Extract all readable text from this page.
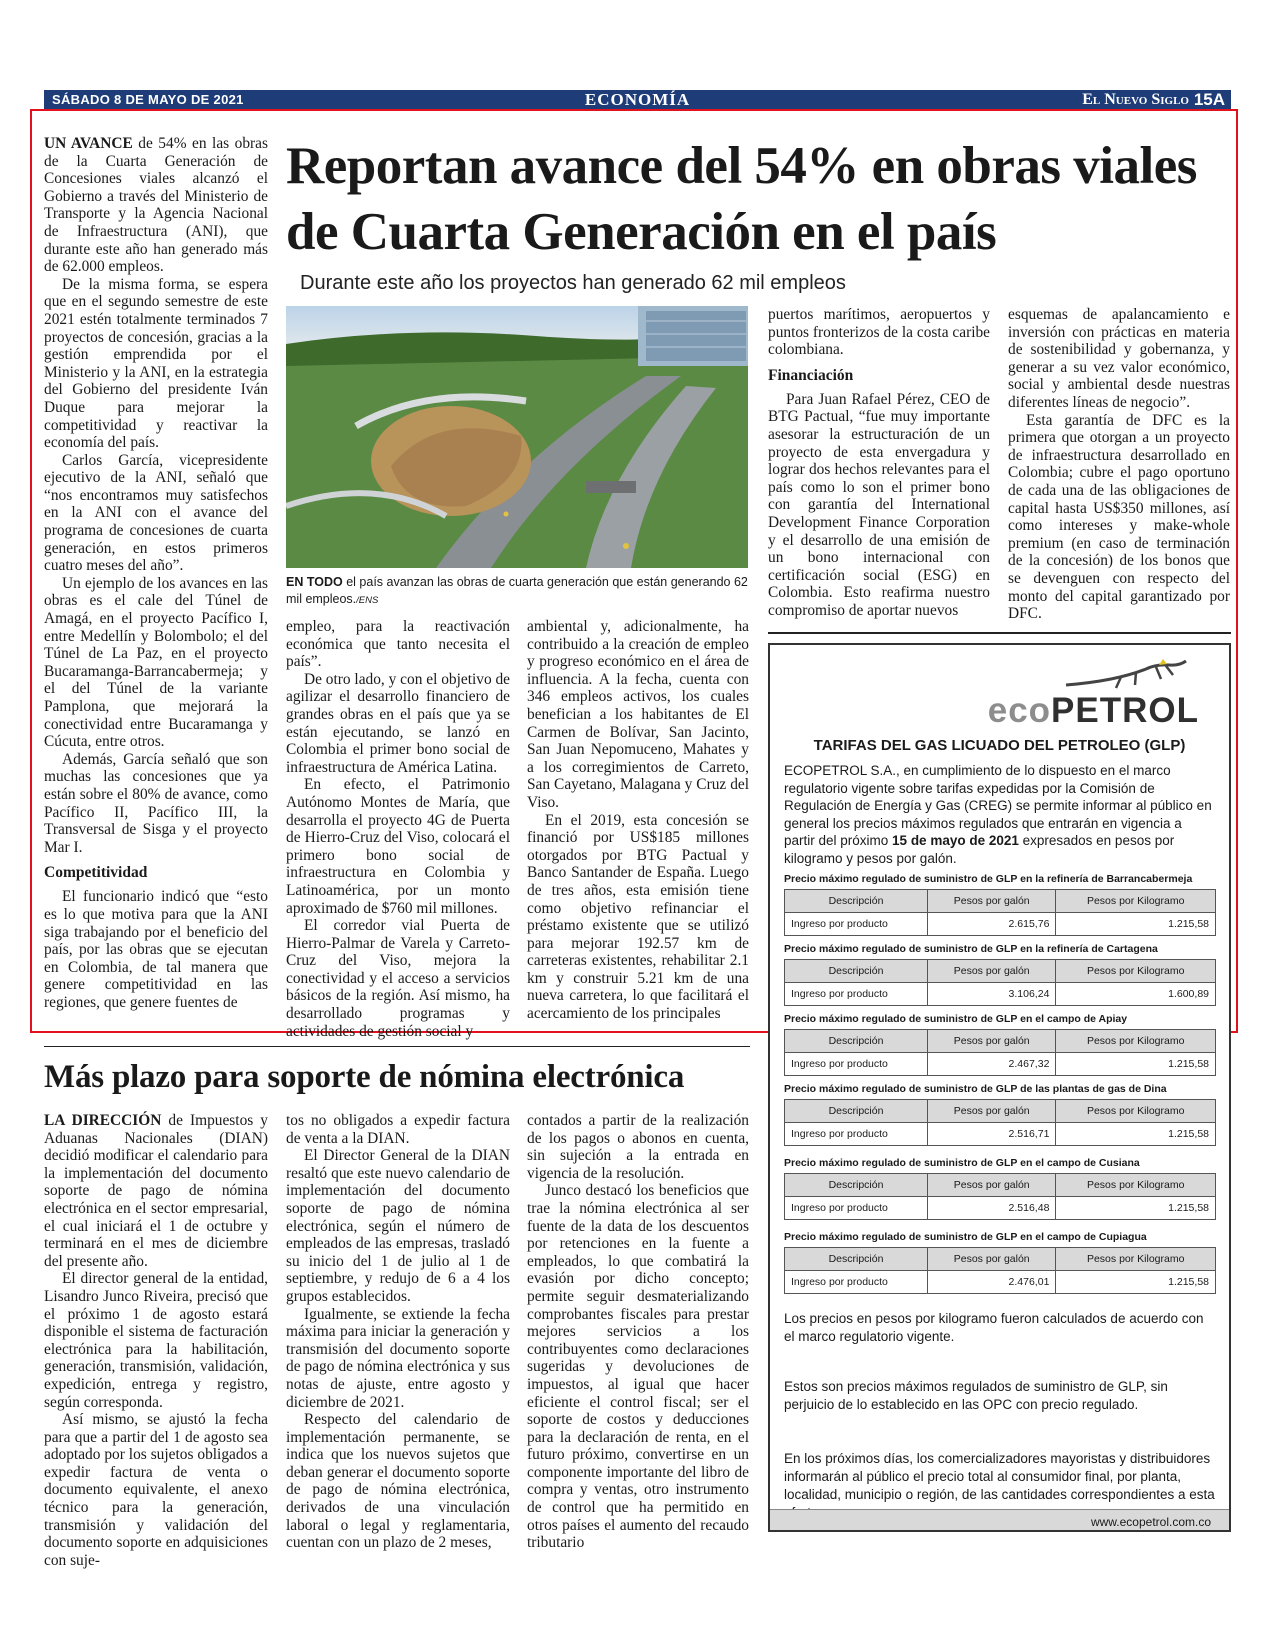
SÁBADO 8 DE MAYO DE 2021	ECONOMÍA	El Nuevo Siglo 15A

UN AVANCE de 54% en las obras de la Cuarta Generación de Concesiones viales alcanzó el Gobierno a través del Ministerio de Transporte y la Agencia Nacional de Infraestructura (ANI), que durante este año han generado más de 62.000 empleos.

De la misma forma, se espera que en el segundo semestre de este 2021 estén totalmente terminados 7 proyectos de concesión, gracias a la gestión emprendida por el Ministerio y la ANI, en la estrategia del Gobierno del presidente Iván Duque para mejorar la competitividad y reactivar la economía del país.

Carlos García, vicepresidente ejecutivo de la ANI, señaló que “nos encontramos muy satisfechos en la ANI con el avance del programa de concesiones de cuarta generación, en estos primeros cuatro meses del año”.

Un ejemplo de los avances en las obras es el cale del Túnel de Amagá, en el proyecto Pacífico I, entre Medellín y Bolombolo; el del Túnel de La Paz, en el proyecto Bucaramanga-Barrancabermeja; y el del Túnel de la variante Pamplona, que mejorará la conectividad entre Bucaramanga y Cúcuta, entre otros.

Además, García señaló que son muchas las concesiones que ya están sobre el 80% de avance, como Pacífico II, Pacífico III, la Transversal de Sisga y el proyecto Mar I.

Competitividad

El funcionario indicó que “esto es lo que motiva para que la ANI siga trabajando por el beneficio del país, por las obras que se ejecutan en Colombia, de tal manera que genere competitividad en las regiones, que genere fuentes de

Reportan avance del 54% en obras viales de Cuarta Generación en el país
Durante este año los proyectos han generado 62 mil empleos
EN TODO el país avanzan las obras de cuarta generación que están generando 62 mil empleos./ENS

empleo, para la reactivación económica que tanto necesita el país”.

De otro lado, y con el objetivo de agilizar el desarrollo financiero de grandes obras en el país que ya se están ejecutando, se lanzó en Colombia el primer bono social de infraestructura de América Latina.

En efecto, el Patrimonio Autónomo Montes de María, que desarrolla el proyecto 4G de Puerta de Hierro-Cruz del Viso, colocará el primero bono social de infraestructura en Colombia y Latinoamérica, por un monto aproximado de $760 mil millones.

El corredor vial Puerta de Hierro-Palmar de Varela y Carreto-Cruz del Viso, mejora la conectividad y el acceso a servicios básicos de la región. Así mismo, ha desarrollado programas y actividades de gestión social y

ambiental y, adicionalmente, ha contribuido a la creación de empleo y progreso económico en el área de influencia. A la fecha, cuenta con 346 empleos activos, los cuales benefician a los habitantes de El Carmen de Bolívar, San Jacinto, San Juan Nepomuceno, Mahates y a los corregimientos de Carreto, San Cayetano, Malagana y Cruz del Viso.

En el 2019, esta concesión se financió por US$185 millones otorgados por BTG Pactual y Banco Santander de España. Luego de tres años, esta emisión tiene como objetivo refinanciar el préstamo existente que se utilizó para mejorar 192.57 km de carreteras existentes, rehabilitar 2.1 km y construir 5.21 km de una nueva carretera, lo que facilitará el acercamiento de los principales

puertos marítimos, aeropuertos y puntos fronterizos de la costa caribe colombiana.

Financiación

Para Juan Rafael Pérez, CEO de BTG Pactual, “fue muy importante asesorar la estructuración de un proyecto de esta envergadura y lograr dos hechos relevantes para el país como lo son el primer bono con garantía del International Development Finance Corporation y el desarrollo de una emisión de un bono internacional con certificación social (ESG) en Colombia. Esto reafirma nuestro compromiso de aportar nuevos

esquemas de apalancamiento e inversión con prácticas en materia de sostenibilidad y gobernanza, y generar a su vez valor económico, social y ambiental desde nuestras diferentes líneas de negocio”.

Esta garantía de DFC es la primera que otorgan a un proyecto de infraestructura desarrollado en Colombia; cubre el pago oportuno de cada una de las obligaciones de capital hasta US$350 millones, así como intereses y make-whole premium (en caso de terminación de la concesión) de los bonos que se devenguen con respecto del monto del capital garantizado por DFC.

ecoPETROL
TARIFAS DEL GAS LICUADO DEL PETROLEO (GLP)
ECOPETROL S.A., en cumplimiento de lo dispuesto en el marco regulatorio vigente sobre tarifas expedidas por la Comisión de Regulación de Energía y Gas (CREG) se permite informar al público en general los precios máximos regulados que entrarán en vigencia a partir del próximo 15 de mayo de 2021 expresados en pesos por kilogramo y pesos por galón.
Precio máximo regulado de suministro de GLP en la refinería de Barrancabermeja
Descripción	Pesos por galón	Pesos por Kilogramo
Ingreso por producto	2.615,76	1.215,58
Precio máximo regulado de suministro de GLP en la refinería de Cartagena
Descripción	Pesos por galón	Pesos por Kilogramo
Ingreso por producto	3.106,24	1.600,89
Precio máximo regulado de suministro de GLP en el campo de Apiay
Descripción	Pesos por galón	Pesos por Kilogramo
Ingreso por producto	2.467,32	1.215,58
Precio máximo regulado de suministro de GLP de las plantas de gas de Dina
Descripción	Pesos por galón	Pesos por Kilogramo
Ingreso por producto	2.516,71	1.215,58
Precio máximo regulado de suministro de GLP en el campo de Cusiana
Descripción	Pesos por galón	Pesos por Kilogramo
Ingreso por producto	2.516,48	1.215,58
Precio máximo regulado de suministro de GLP en el campo de Cupiagua
Descripción	Pesos por galón	Pesos por Kilogramo
Ingreso por producto	2.476,01	1.215,58
Los precios en pesos por kilogramo fueron calculados de acuerdo con el marco regulatorio vigente.
Estos son precios máximos regulados de suministro de GLP, sin perjuicio de lo establecido en las OPC con precio regulado.
En los próximos días, los comercializadores mayoristas y distribuidores informarán al público el precio total al consumidor final, por planta, localidad, municipio o región, de las cantidades correspondientes a esta
www.ecopetrol.com.co
Más plazo para soporte de nómina electrónica

LA DIRECCIÓN de Impuestos y Aduanas Nacionales (DIAN) decidió modificar el calendario para la implementación del documento soporte de pago de nómina electrónica en el sector empresarial, el cual iniciará el 1 de octubre y terminará en el mes de diciembre del presente año.

El director general de la entidad, Lisandro Junco Riveira, precisó que el próximo 1 de agosto estará disponible el sistema de facturación electrónica para la habilitación, generación, transmisión, validación, expedición, entrega y registro, según corresponda.

Así mismo, se ajustó la fecha para que a partir del 1 de agosto sea adoptado por los sujetos obligados a expedir factura de venta o documento equivalente, el anexo técnico para la generación, transmisión y validación del documento soporte en adquisiciones con suje-

tos no obligados a expedir factura de venta a la DIAN.

El Director General de la DIAN resaltó que este nuevo calendario de implementación del documento soporte de pago de nómina electrónica, según el número de empleados de las empresas, trasladó su inicio del 1 de julio al 1 de septiembre, y redujo de 6 a 4 los grupos establecidos.

Igualmente, se extiende la fecha máxima para iniciar la generación y transmisión del documento soporte de pago de nómina electrónica y sus notas de ajuste, entre agosto y diciembre de 2021.

Respecto del calendario de implementación permanente, se indica que los nuevos sujetos que deban generar el documento soporte de pago de nómina electrónica, derivados de una vinculación laboral o legal y reglamentaria, cuentan con un plazo de 2 meses,

contados a partir de la realización de los pagos o abonos en cuenta, sin sujeción a la entrada en vigencia de la resolución.

Junco destacó los beneficios que trae la nómina electrónica al ser fuente de la data de los descuentos por retenciones en la fuente a empleados, lo que combatirá la evasión por dicho concepto; permite seguir desmaterializando comprobantes fiscales para prestar mejores servicios a los contribuyentes como declaraciones sugeridas y devoluciones de impuestos, al igual que hacer eficiente el control fiscal; ser el soporte de costos y deducciones para la declaración de renta, en el futuro próximo, convertirse en un componente importante del libro de compra y ventas, otro instrumento de control que ha permitido en otros países el aumento del recaudo tributario
